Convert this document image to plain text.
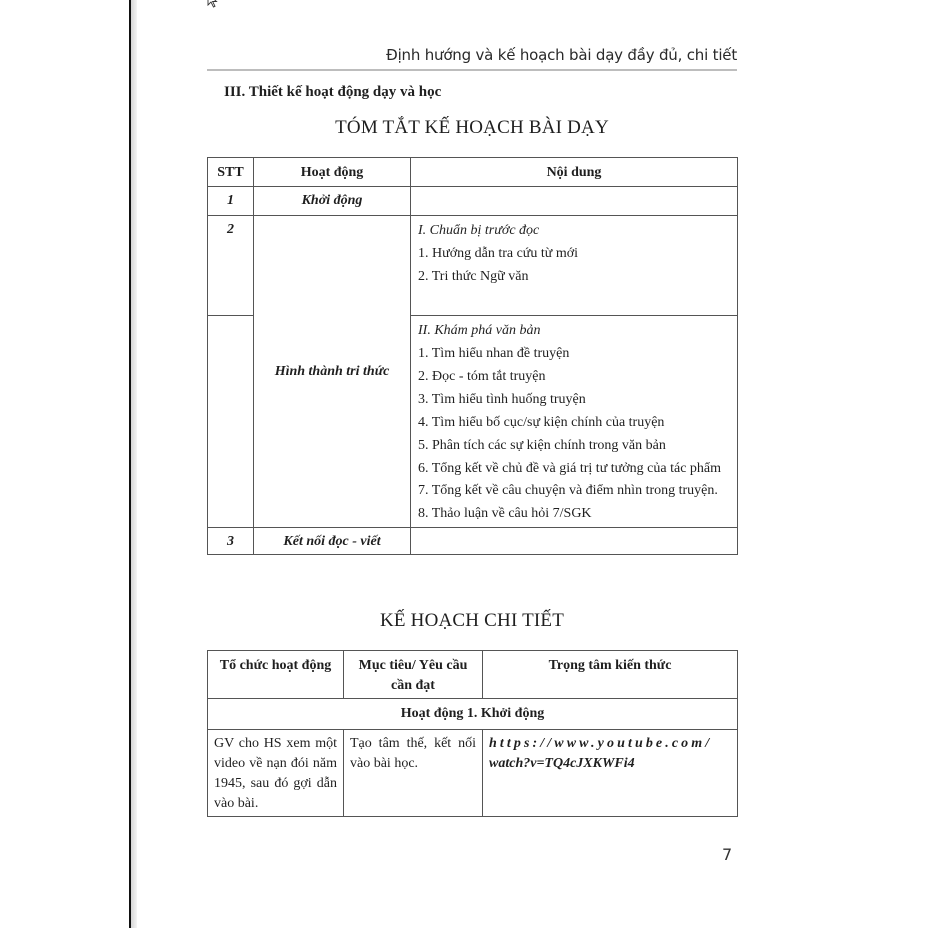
Định hướng và kế hoạch bài dạy đầy đủ, chi tiết
III. Thiết kế hoạt động dạy và học
TÓM TẮT KẾ HOẠCH BÀI DẠY
STT	Hoạt động	Nội dung
1	Khởi động	
2	Hình thành tri thức	I. Chuẩn bị trước đọc
1. Hướng dẫn tra cứu từ mới
2. Tri thức Ngữ văn

II. Khám phá văn bản
1. Tìm hiểu nhan đề truyện
2. Đọc - tóm tắt truyện
3. Tìm hiểu tình huống truyện
4. Tìm hiểu bố cục/sự kiện chính của truyện
5. Phân tích các sự kiện chính trong văn bản
6. Tổng kết về chủ đề và giá trị tư tưởng của tác phẩm
7. Tổng kết về câu chuyện và điểm nhìn trong truyện.
8. Thảo luận về câu hỏi 7/SGK

3	Kết nối đọc - viết	
KẾ HOẠCH CHI TIẾT
Tổ chức hoạt động	Mục tiêu/ Yêu cầu cần đạt	Trọng tâm kiến thức
Hoạt động 1. Khởi động		
GV cho HS xem một video về nạn đói năm 1945, sau đó gợi dẫn vào bài.	Tạo tâm thế, kết nối vào bài học.	https://www.youtube.com/
watch?v=TQ4cJXKWFi4
7
